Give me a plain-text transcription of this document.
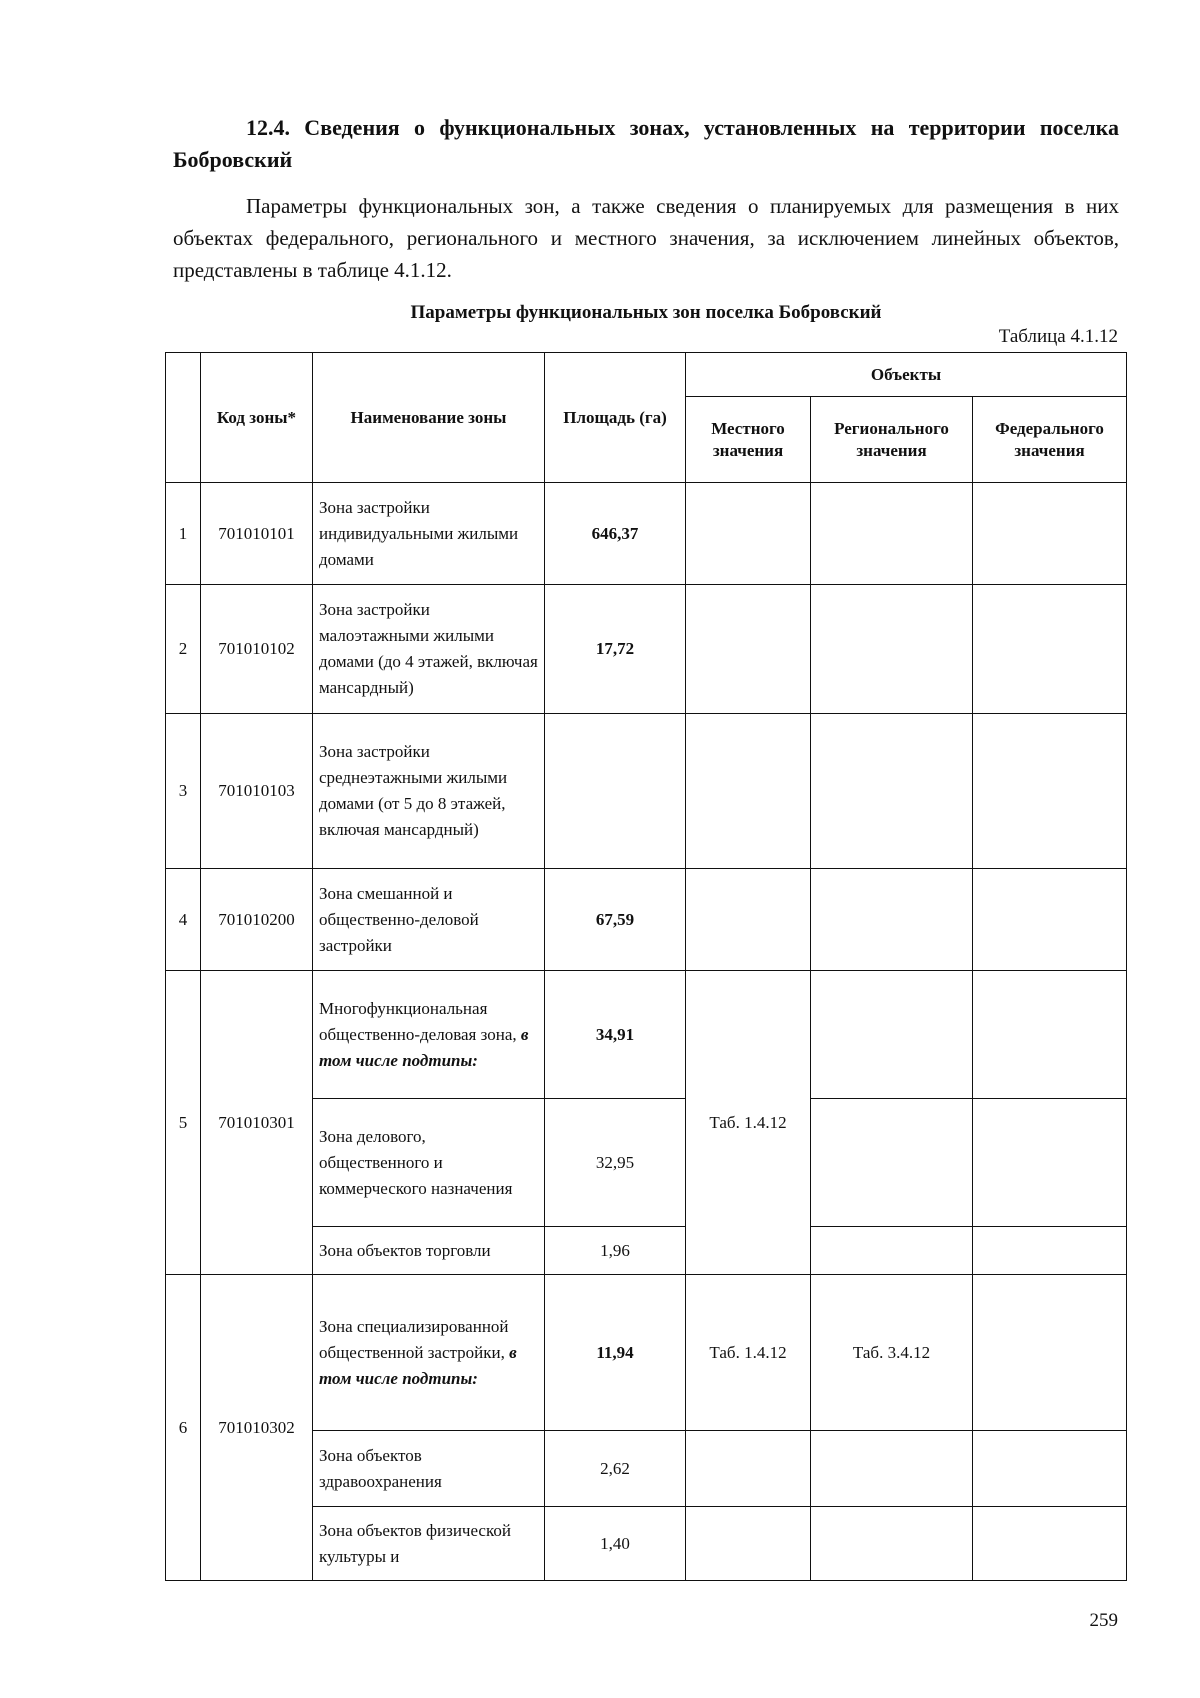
12.4. Сведения о функциональных зонах, установленных на территории поселка Бобровский
Параметры функциональных зон, а также сведения о планируемых для размещения в них объектах федерального, регионального и местного значения, за исключением линейных объектов, представлены в таблице 4.1.12.
Параметры функциональных зон поселка Бобровский
Таблица 4.1.12
	Код зоны*	Наименование зоны	Площадь (га)	Объекты		
				Местного значения	Регионального значения	Федерального значения
1	701010101	Зона застройки индивидуальными жилыми домами	646,37			
2	701010102	Зона застройки малоэтажными жилыми домами (до 4 этажей, включая мансардный)	17,72			
3	701010103	Зона застройки среднеэтажными жилыми домами (от 5 до 8 этажей, включая мансардный)				
4	701010200	Зона смешанной и общественно-деловой застройки	67,59			
5	701010301	Многофункциональная общественно-деловая зона, в том числе подтипы:	34,91	Таб. 1.4.12		
		Зона делового, общественного и коммерческого назначения	32,95			
		Зона объектов торговли	1,96			
6	701010302	Зона специализированной общественной застройки, в том числе подтипы:	11,94	Таб. 1.4.12	Таб. 3.4.12	
		Зона объектов здравоохранения	2,62			
		Зона объектов физической культуры и	1,40			
259
